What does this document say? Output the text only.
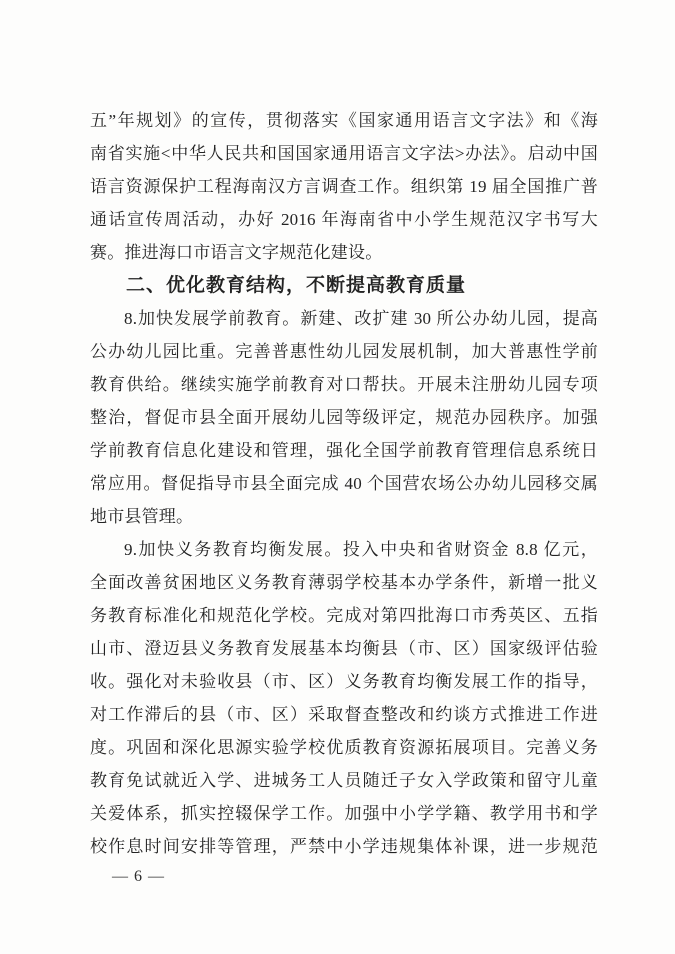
五”年规划》的宣传，贯彻落实《国家通用语言文字法》和《海
南省实施<中华人民共和国国家通用语言文字法>办法》。启动中国
语言资源保护工程海南汉方言调查工作。组织第 19 届全国推广普
通话宣传周活动，办好 2016 年海南省中小学生规范汉字书写大
赛。推进海口市语言文字规范化建设。
二、优化教育结构，不断提高教育质量
8.加快发展学前教育。新建、改扩建 30 所公办幼儿园，提高
公办幼儿园比重。完善普惠性幼儿园发展机制，加大普惠性学前
教育供给。继续实施学前教育对口帮扶。开展未注册幼儿园专项
整治，督促市县全面开展幼儿园等级评定，规范办园秩序。加强
学前教育信息化建设和管理，强化全国学前教育管理信息系统日
常应用。督促指导市县全面完成 40 个国营农场公办幼儿园移交属
地市县管理。
9.加快义务教育均衡发展。投入中央和省财资金 8.8 亿元，
全面改善贫困地区义务教育薄弱学校基本办学条件，新增一批义
务教育标准化和规范化学校。完成对第四批海口市秀英区、五指
山市、澄迈县义务教育发展基本均衡县（市、区）国家级评估验
收。强化对未验收县（市、区）义务教育均衡发展工作的指导，
对工作滞后的县（市、区）采取督查整改和约谈方式推进工作进
度。巩固和深化思源实验学校优质教育资源拓展项目。完善义务
教育免试就近入学、进城务工人员随迁子女入学政策和留守儿童
关爱体系，抓实控辍保学工作。加强中小学学籍、教学用书和学
校作息时间安排等管理，严禁中小学违规集体补课，进一步规范
— 6 —
